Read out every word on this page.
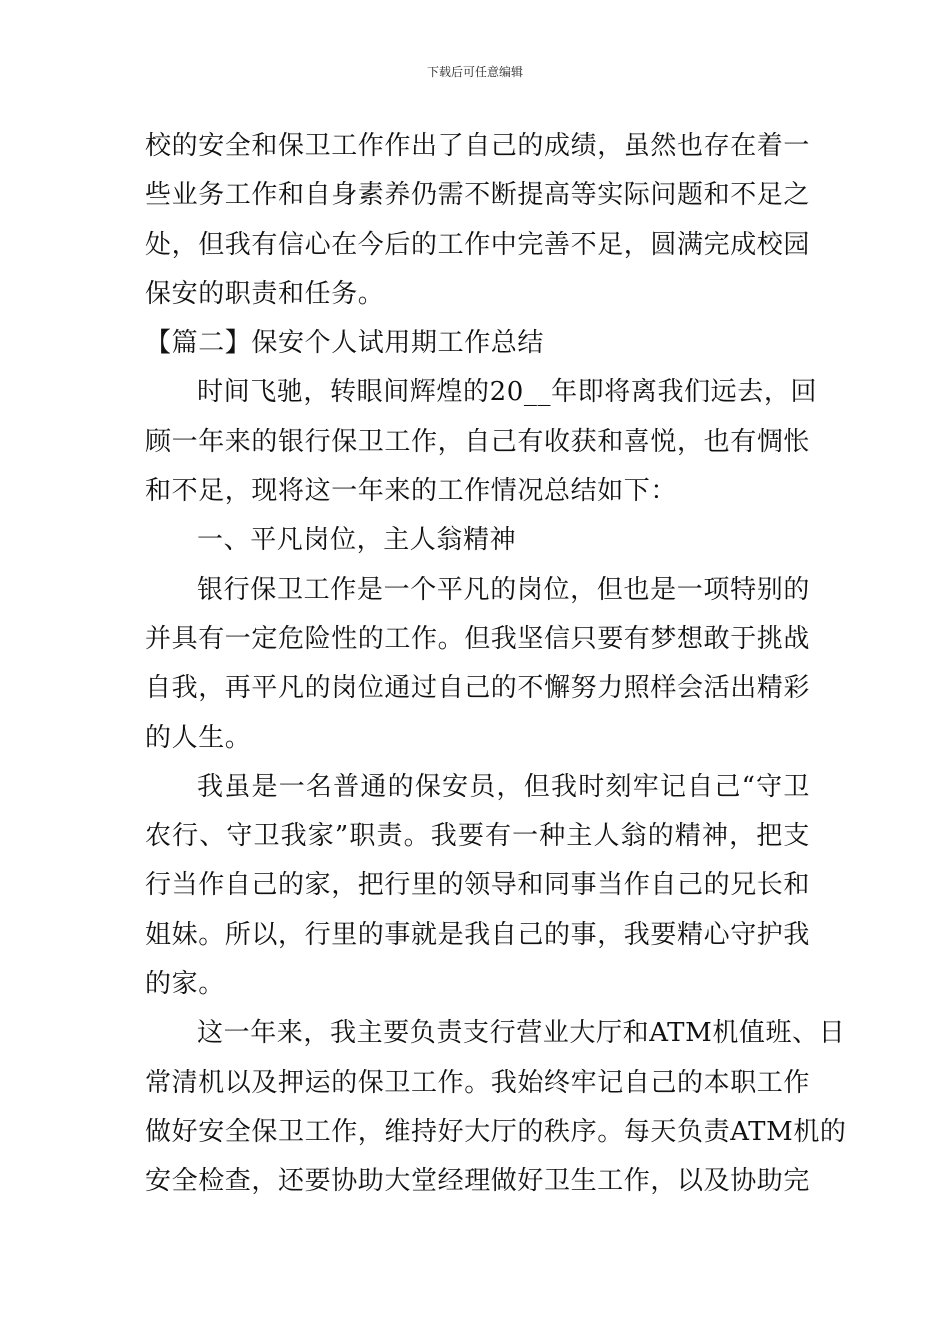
下载后可任意编辑
校的安全和保卫工作作出了自己的成绩，虽然也存在着一
些业务工作和自身素养仍需不断提高等实际问题和不足之
处，但我有信心在今后的工作中完善不足，圆满完成校园
保安的职责和任务。
【篇二】保安个人试用期工作总结
时间飞驰，转眼间辉煌的20__年即将离我们远去，回
顾一年来的银行保卫工作，自己有收获和喜悦，也有惆怅
和不足，现将这一年来的工作情况总结如下：
一、平凡岗位，主人翁精神
银行保卫工作是一个平凡的岗位，但也是一项特别的
并具有一定危险性的工作。但我坚信只要有梦想敢于挑战
自我，再平凡的岗位通过自己的不懈努力照样会活出精彩
的人生。
我虽是一名普通的保安员，但我时刻牢记自己“守卫
农行、守卫我家”职责。我要有一种主人翁的精神，把支
行当作自己的家，把行里的领导和同事当作自己的兄长和
姐妹。所以，行里的事就是我自己的事，我要精心守护我
的家。
这一年来，我主要负责支行营业大厅和ATM机值班、日
常清机以及押运的保卫工作。我始终牢记自己的本职工作
做好安全保卫工作，维持好大厅的秩序。每天负责ATM机的
安全检查，还要协助大堂经理做好卫生工作，以及协助完
